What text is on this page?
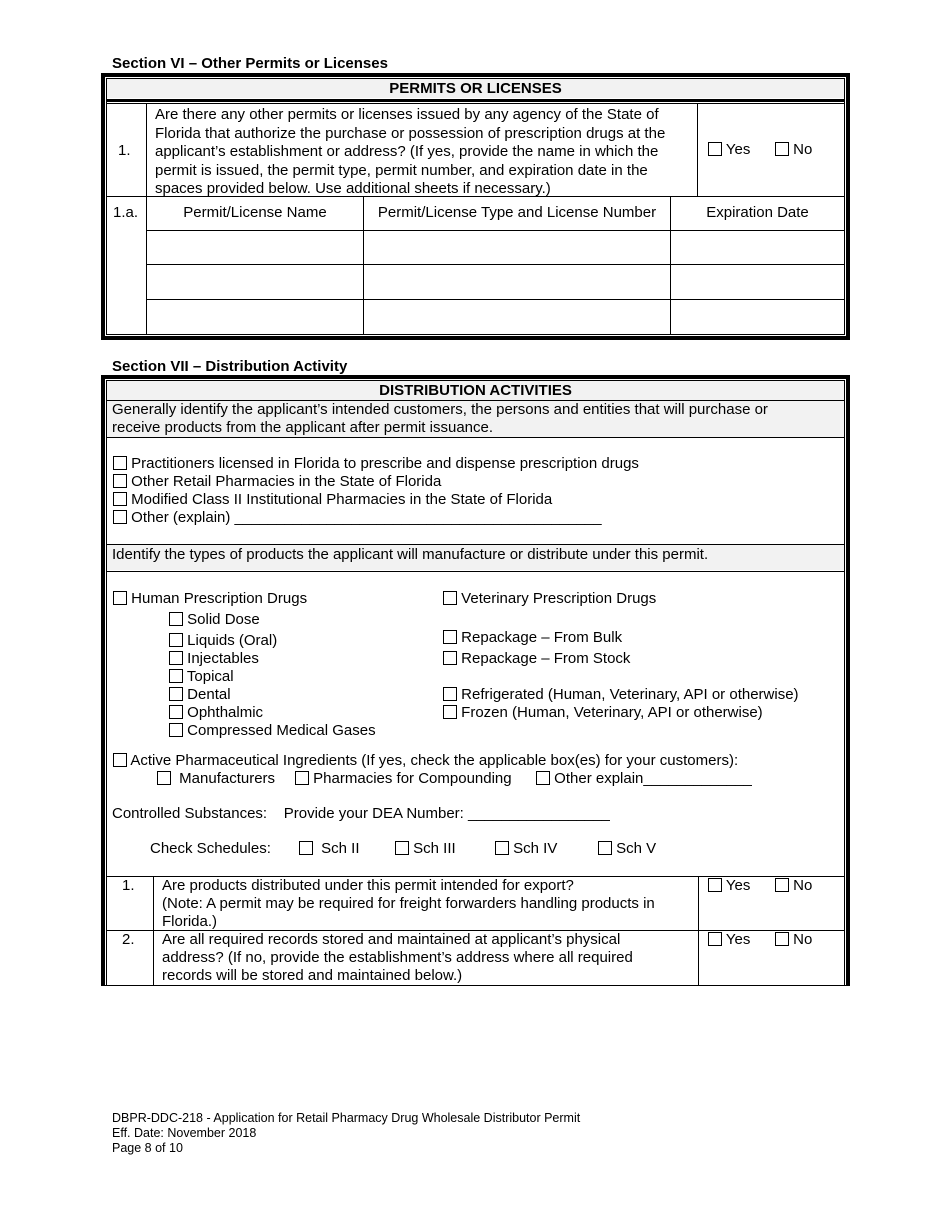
Section VI – Other Permits or Licenses
PERMITS OR LICENSES
1.
Are there any other permits or licenses issued by any agency of the State of
Florida that authorize the purchase or possession of prescription drugs at the
applicant’s establishment or address? (If yes, provide the name in which the
permit is issued, the permit type, permit number, and expiration date in the
spaces provided below. Use additional sheets if necessary.)
Yes	No
1.a.	Permit/License Name	Permit/License Type and License Number	Expiration Date
Section VII – Distribution Activity
DISTRIBUTION ACTIVITIES
Generally identify the applicant’s intended customers, the persons and entities that will purchase or
receive products from the applicant after permit issuance.
Practitioners licensed in Florida to prescribe and dispense prescription drugs
Other Retail Pharmacies in the State of Florida
Modified Class II Institutional Pharmacies in the State of Florida
Other (explain) ____________________________________________
Identify the types of products the applicant will manufacture or distribute under this permit.
Human Prescription Drugs
Solid Dose
Liquids (Oral)
Injectables
Topical
Dental
Ophthalmic
Compressed Medical Gases
Veterinary Prescription Drugs
Repackage – From Bulk
Repackage – From Stock
Refrigerated (Human, Veterinary, API or otherwise)
Frozen (Human, Veterinary, API or otherwise)
Active Pharmaceutical Ingredients (If yes, check the applicable box(es) for your customers):
Manufacturers	Pharmacies for Compounding	Other explain_____________
Controlled Substances:    Provide your DEA Number: _________________
Check Schedules:	Sch II	Sch III	Sch IV	Sch V
1. Are products distributed under this permit intended for export?
(Note: A permit may be required for freight forwarders handling products in
Florida.)
Yes	No
2. Are all required records stored and maintained at applicant’s physical
address? (If no, provide the establishment’s address where all required
records will be stored and maintained below.)
Yes	No
DBPR-DDC-218 - Application for Retail Pharmacy Drug Wholesale Distributor Permit
Eff. Date: November 2018
Page 8 of 10
